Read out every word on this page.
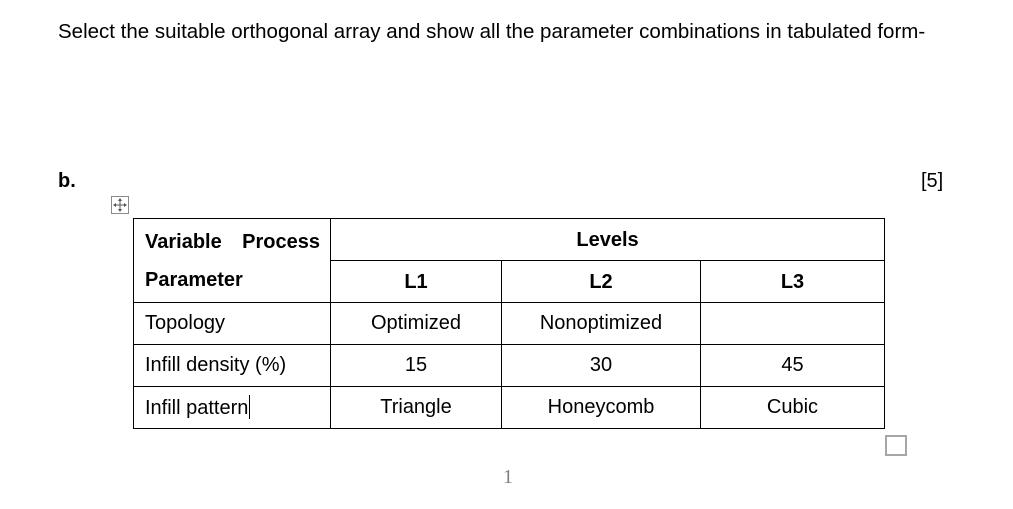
Select the suitable orthogonal array and show all the parameter combinations in tabulated form-

b.	[5]
Variable Process
Parameter	Levels		
	L1	L2	L3
Topology	Optimized	Nonoptimized	
Infill density (%)	15	30	45
Infill pattern	Triangle	Honeycomb	Cubic
1
